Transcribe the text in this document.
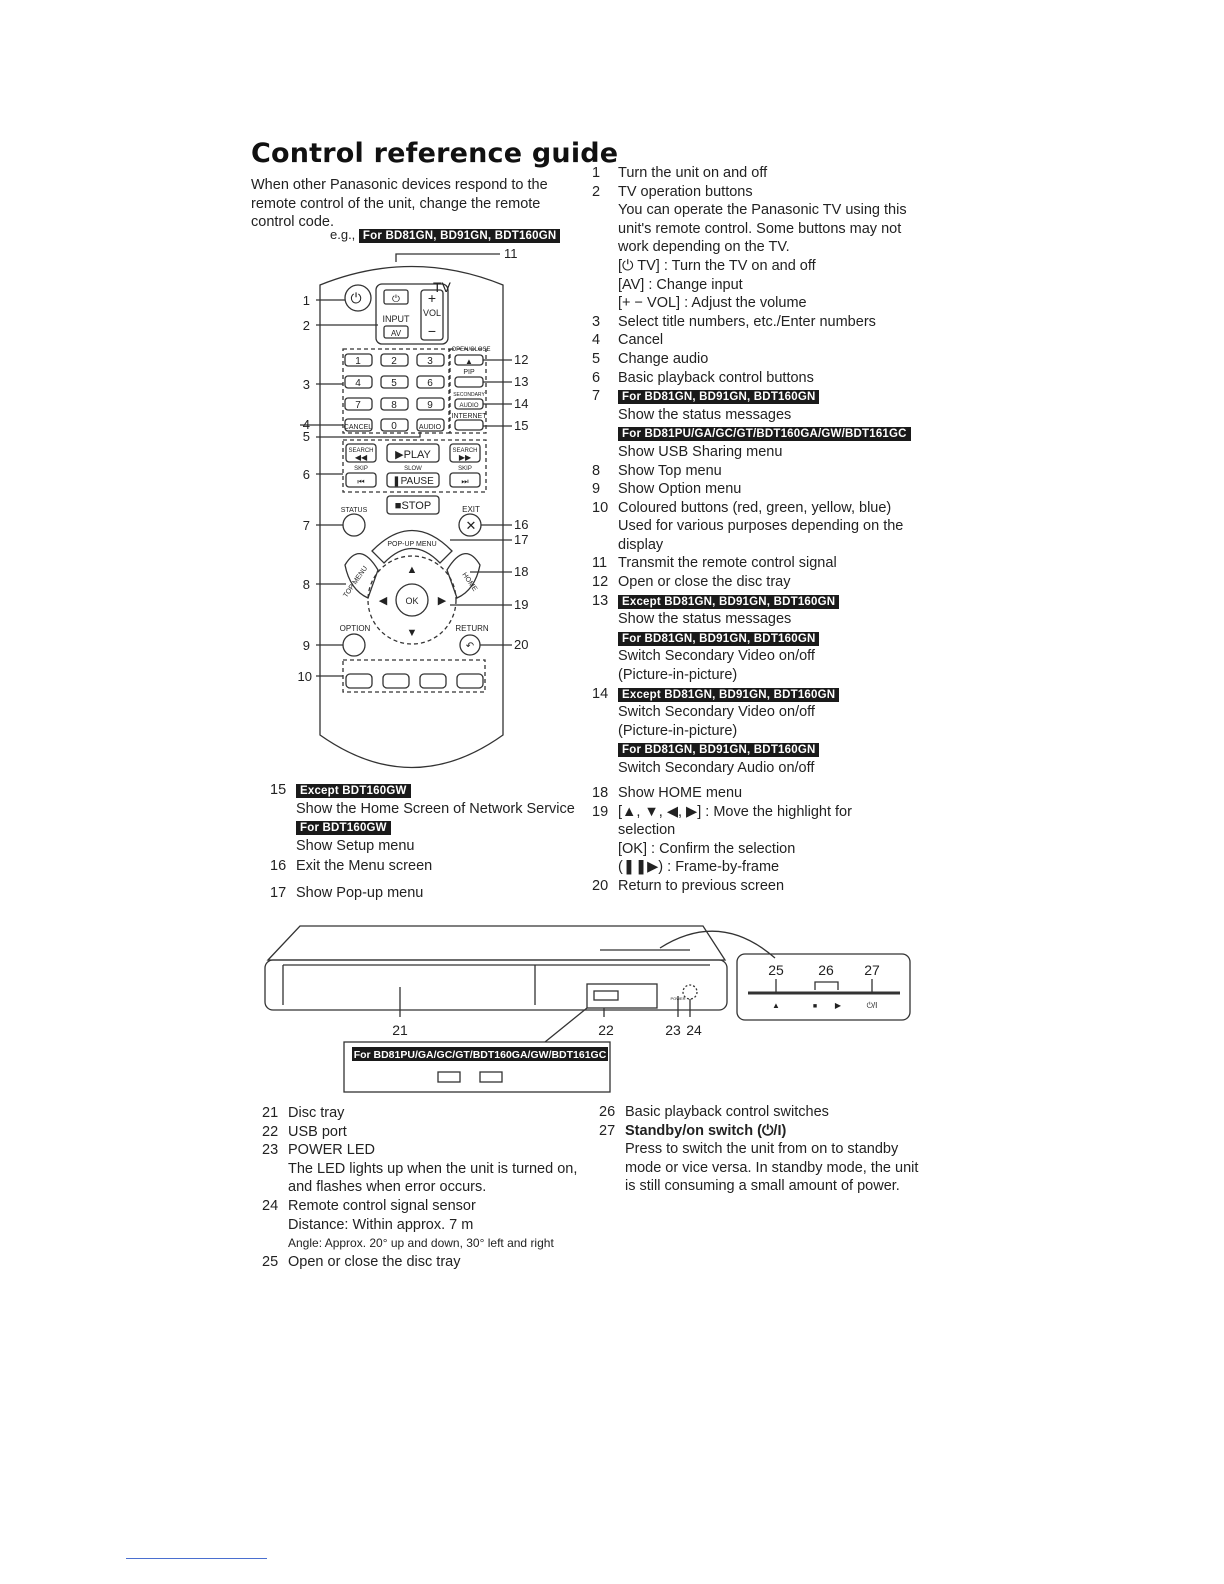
Control reference guide
When other Panasonic devices respond to the remote control of the unit, change the remote control code.
e.g., For BD81GN, BD91GN, BDT160GN
⏻	⏻ +
−
VOL
TV
INPUT
AV
OPEN/CLOSE
▲
PIP
SECONDARY
AUDIO
INTERNET
1	2	3
4	5	6
7	8	9
CANCEL 0	AUDIO
SEARCH
◀◀
SEARCH
▶▶
▶PLAY
SKIP	SKIP
SLOW
⏮	⏭
❚PAUSE
■STOP
STATUS	EXIT
✕
POP-UP MENU
TOP MENU	HOME
▲
▼
◀	▶
OK
OPTION	RETURN
↶
1
2
3
4
5
6
7
8
9
10
11
12
13
14
15
16
17
18
19
20
15 Except BDT160GW
Show the Home Screen of Network Service
For BDT160GW
Show Setup menu
16 Exit the Menu screen
17 Show Pop-up menu
1 Turn the unit on and off
2 TV operation buttons
You can operate the Panasonic TV using this
unit's remote control. Some buttons may not
work depending on the TV.
[⏻ TV] : Turn the TV on and off
[AV] : Change input
[+ − VOL] : Adjust the volume
3 Select title numbers, etc./Enter numbers
4 Cancel
5 Change audio
6 Basic playback control buttons
7	For BD81GN, BD91GN, BDT160GN
Show the status messages
For BD81PU/GA/GC/GT/BDT160GA/GW/BDT161GC
Show USB Sharing menu
8 Show Top menu
9 Show Option menu
10 Coloured buttons (red, green, yellow, blue)
Used for various purposes depending on the
display
11 Transmit the remote control signal
12 Open or close the disc tray
13	Except BD81GN, BD91GN, BDT160GN
Show the status messages
For BD81GN, BD91GN, BDT160GN
Switch Secondary Video on/off
(Picture-in-picture)
14	Except BD81GN, BD91GN, BDT160GN
Switch Secondary Video on/off
(Picture-in-picture)
For BD81GN, BD91GN, BDT160GN
Switch Secondary Audio on/off
18 Show HOME menu
19 [▲, ▼, ◀, ▶] : Move the highlight for
selection
[OK] : Confirm the selection
(❚❚▶) : Frame-by-frame
20 Return to previous screen
21	22	23 24
25 26 27
POWER
▲	■ ▶	⏻/I
For BD81PU/GA/GC/GT/BDT160GA/GW/BDT161GC
21 Disc tray
22 USB port
23 POWER LED
The LED lights up when the unit is turned on,
and flashes when error occurs.
24 Remote control signal sensor
Distance: Within approx. 7 m
Angle: Approx. 20° up and down, 30° left and right
25 Open or close the disc tray
26 Basic playback control switches
27 Standby/on switch (⏻/I)
Press to switch the unit from on to standby
mode or vice versa. In standby mode, the unit
is still consuming a small amount of power.
